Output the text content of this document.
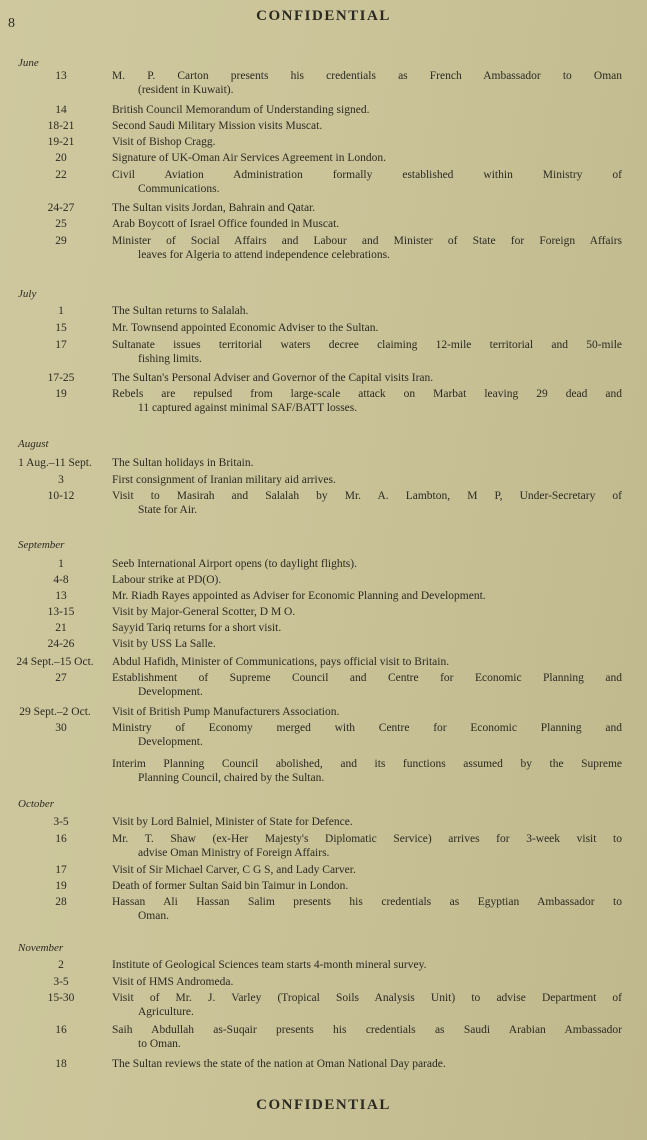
8	CONFIDENTIAL
June
13	M. P. Carton presents his credentials as French Ambassador to Oman
(resident in Kuwait).
14	British Council Memorandum of Understanding signed.
18-21	Second Saudi Military Mission visits Muscat.
19-21	Visit of Bishop Cragg.
20	Signature of UK-Oman Air Services Agreement in London.
22	Civil Aviation Administration formally established within Ministry of
Communications.
24-27	The Sultan visits Jordan, Bahrain and Qatar.
25	Arab Boycott of Israel Office founded in Muscat.
29	Minister of Social Affairs and Labour and Minister of State for Foreign Affairs
leaves for Algeria to attend independence celebrations.
July
1	The Sultan returns to Salalah.
15	Mr. Townsend appointed Economic Adviser to the Sultan.
17	Sultanate issues territorial waters decree claiming 12-mile territorial and 50-mile
fishing limits.
17-25	The Sultan's Personal Adviser and Governor of the Capital visits Iran.
19	Rebels are repulsed from large-scale attack on Marbat leaving 29 dead and
11 captured against minimal SAF/BATT losses.
August
1 Aug.–11 Sept.	The Sultan holidays in Britain.
3	First consignment of Iranian military aid arrives.
10-12	Visit to Masirah and Salalah by Mr. A. Lambton, M P, Under-Secretary of
State for Air.
September
1	Seeb International Airport opens (to daylight flights).
4-8	Labour strike at PD(O).
13	Mr. Riadh Rayes appointed as Adviser for Economic Planning and Development.
13-15	Visit by Major-General Scotter, D M O.
21	Sayyid Tariq returns for a short visit.
24-26	Visit by USS La Salle.
24 Sept.–15 Oct.	Abdul Hafidh, Minister of Communications, pays official visit to Britain.
27	Establishment of Supreme Council and Centre for Economic Planning and
Development.
29 Sept.–2 Oct.	Visit of British Pump Manufacturers Association.
30	Ministry of Economy merged with Centre for Economic Planning and
Development.
Interim Planning Council abolished, and its functions assumed by the Supreme
Planning Council, chaired by the Sultan.
October
3-5	Visit by Lord Balniel, Minister of State for Defence.
16	Mr. T. Shaw (ex-Her Majesty's Diplomatic Service) arrives for 3-week visit to
advise Oman Ministry of Foreign Affairs.
17	Visit of Sir Michael Carver, C G S, and Lady Carver.
19	Death of former Sultan Said bin Taimur in London.
28	Hassan Ali Hassan Salim presents his credentials as Egyptian Ambassador to
Oman.
November
2	Institute of Geological Sciences team starts 4-month mineral survey.
3-5	Visit of HMS Andromeda.
15-30	Visit of Mr. J. Varley (Tropical Soils Analysis Unit) to advise Department of
Agriculture.
16	Saih Abdullah as-Suqair presents his credentials as Saudi Arabian Ambassador
to Oman.
18	The Sultan reviews the state of the nation at Oman National Day parade.
CONFIDENTIAL
